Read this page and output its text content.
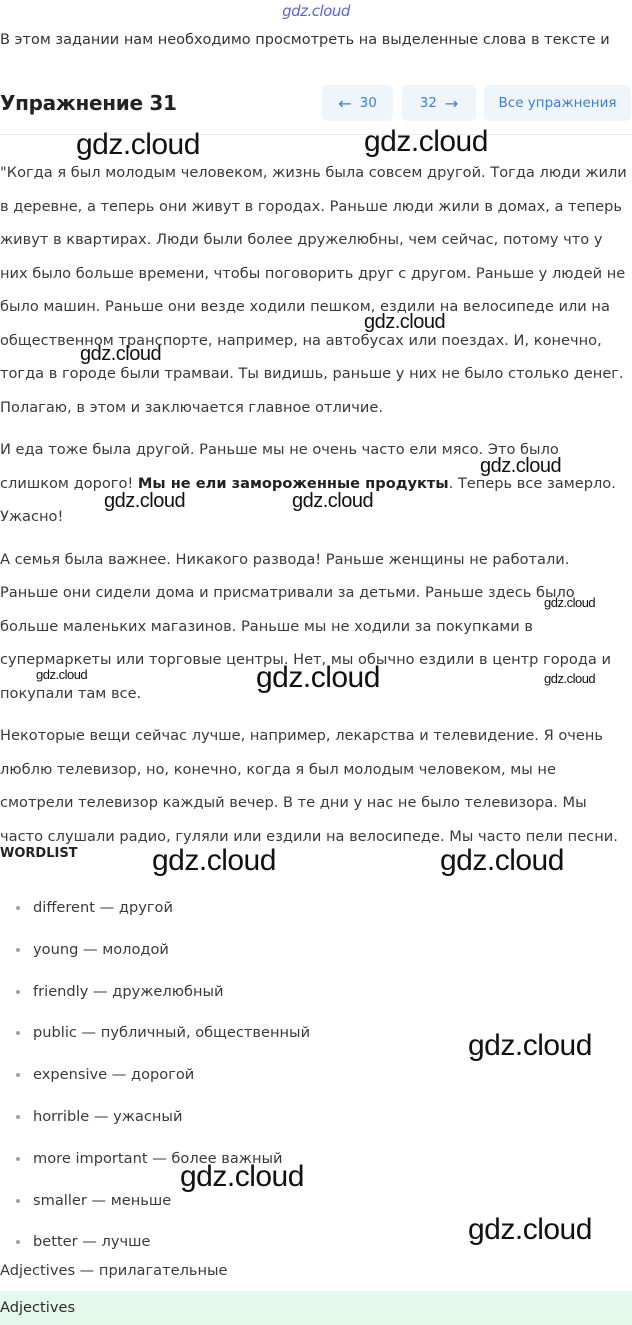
gdz.cloud
В этом задании нам необходимо просмотреть на выделенные слова в тексте и
Упражнение 31	← 30	32 →	Все упражнения

"Когда я был молодым человеком, жизнь была совсем другой. Тогда люди жили в деревне, а теперь они живут в городах. Раньше люди жили в домах, а теперь живут в квартирах. Люди были более дружелюбны, чем сейчас, потому что у них было больше времени, чтобы поговорить друг с другом. Раньше у людей не было машин. Раньше они везде ходили пешком, ездили на велосипеде или на общественном транспорте, например, на автобусах или поездах. И, конечно, тогда в городе были трамваи. Ты видишь, раньше у них не было столько денег. Полагаю, в этом и заключается главное отличие.

И еда тоже была другой. Раньше мы не очень часто ели мясо. Это было слишком дорого! Мы не ели замороженные продукты. Теперь все замерло. Ужасно!

А семья была важнее. Никакого развода! Раньше женщины не работали. Раньше они сидели дома и присматривали за детьми. Раньше здесь было больше маленьких магазинов. Раньше мы не ходили за покупками в супермаркеты или торговые центры. Нет, мы обычно ездили в центр города и покупали там все.

Некоторые вещи сейчас лучше, например, лекарства и телевидение. Я очень люблю телевизор, но, конечно, когда я был молодым человеком, мы не смотрели телевизор каждый вечер. В те дни у нас не было телевизора. Мы часто слушали радио, гуляли или ездили на велосипеде. Мы часто пели песни.

WORDLIST
different — другой
young — молодой
friendly — дружелюбный
public — публичный, общественный
expensive — дорогой
horrible — ужасный
more important — более важный
smaller — меньше
better — лучше
Adjectives — прилагательные
Adjectives
gdz.cloud	gdz.cloud
gdz.cloud
gdz.cloud
gdz.cloud
gdz.cloud	gdz.cloud
gdz.cloud
gdz.cloud	gdz.cloud	gdz.cloud
gdz.cloud	gdz.cloud
gdz.cloud
gdz.cloud
gdz.cloud
